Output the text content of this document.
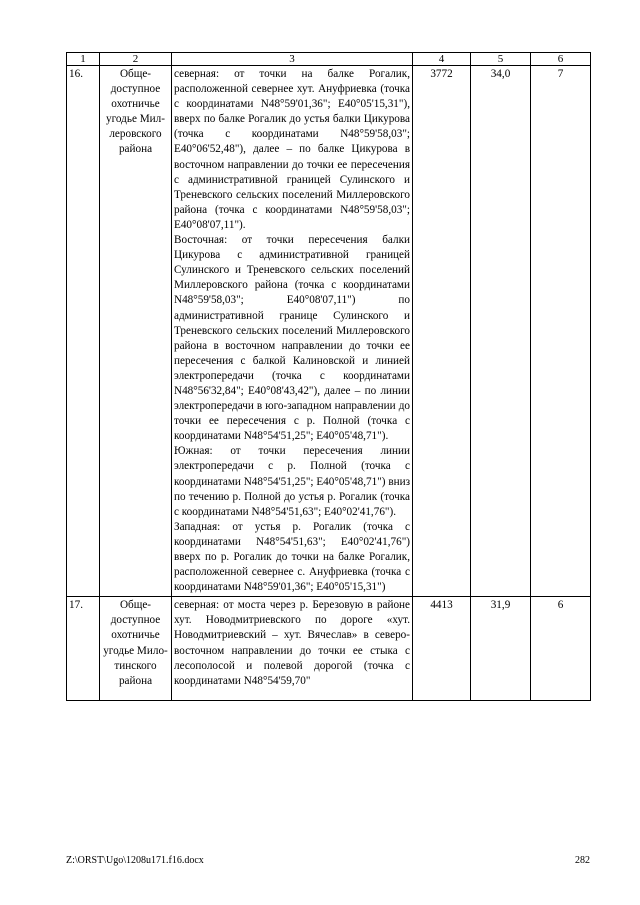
1	2	3	4	5	6
16.	Обще-доступное охотничье угодье Мил-леровского района	северная: от точки на балке Рогалик, расположенной севернее хут. Ануфриевка (точка с координатами N48°59'01,36"; E40°05'15,31"), вверх по балке Рогалик до устья балки Цикурова (точка с координатами N48°59'58,03"; E40°06'52,48"), далее – по балке Цикурова в восточном направлении до точки ее пересечения с административной границей Сулинского и Треневского сельских поселений Миллеровского района (точка с координатами N48°59'58,03"; E40°08'07,11").

Восточная: от точки пересечения балки Цикурова с административной границей Сулинского и Треневского сельских поселений Миллеровского района (точка с координатами N48°59'58,03"; E40°08'07,11") по административной границе Сулинского и Треневского сельских поселений Миллеровского района в восточном направлении до точки ее пересечения с балкой Калиновской и линией электропередачи (точка с координатами N48°56'32,84"; E40°08'43,42"), далее – по линии электропередачи в юго-западном направлении до точки ее пересечения с р. Полной (точка с координатами N48°54'51,25"; E40°05'48,71").

Южная: от точки пересечения линии электропередачи с р. Полной (точка с координатами N48°54'51,25"; E40°05'48,71") вниз по течению р. Полной до устья р. Рогалик (точка с координатами N48°54'51,63"; E40°02'41,76").

Западная: от устья р. Рогалик (точка с координатами N48°54'51,63"; E40°02'41,76") вверх по р. Рогалик до точки на балке Рогалик, расположенной севернее с. Ануфриевка (точка с координатами N48°59'01,36"; E40°05'15,31")	3772	34,0	7
17.	Обще-доступное охотничье угодье Мило-тинского района	северная: от моста через р. Березовую в районе хут. Новодмитриевского по дороге «хут. Новодмитриевский – хут. Вячеслав» в северо-восточном направлении до точки ее стыка с лесополосой и полевой дорогой (точка с координатами N48°54'59,70"	4413	31,9	6
Z:\ORST\Ugo\1208u171.f16.docx	282
